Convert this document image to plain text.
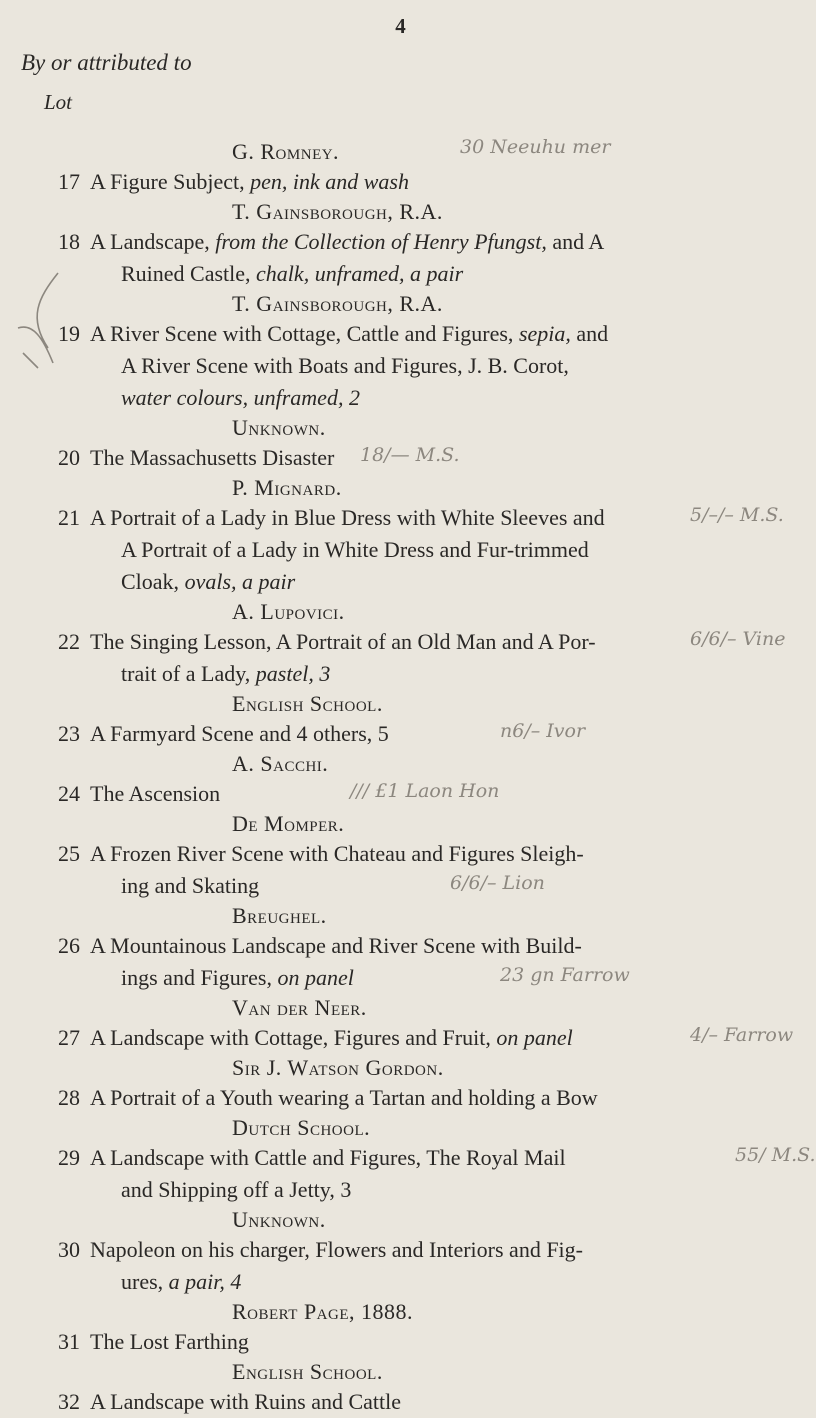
4
By or attributed to
Lot
G. Romney.
17 A Figure Subject, pen, ink and wash
30 Neeuhu mer
T. Gainsborough, R.A.
18 A Landscape, from the Collection of Henry Pfungst, and A
Ruined Castle, chalk, unframed, a pair
T. Gainsborough, R.A.
19 A River Scene with Cottage, Cattle and Figures, sepia, and
A River Scene with Boats and Figures, J. B. Corot,
water colours, unframed, 2
Unknown.
20 The Massachusetts Disaster 18/— M.S.
P. Mignard.
21 A Portrait of a Lady in Blue Dress with White Sleeves and
A Portrait of a Lady in White Dress and Fur-trimmed
Cloak, ovals, a pair
5/–/– M.S.
A. Lupovici.
22 The Singing Lesson, A Portrait of an Old Man and A Por-
trait of a Lady, pastel, 3
6/6/– Vine
English School.
23 A Farmyard Scene and 4 others, 5	n6/– Ivor
A. Sacchi.
24 The Ascension	/// £1 Laon Hon
De Momper.
25 A Frozen River Scene with Chateau and Figures Sleigh-
ing and Skating	6/6/– Lion
Breughel.
26 A Mountainous Landscape and River Scene with Build-
ings and Figures, on panel	23 gn Farrow
Van der Neer.
27 A Landscape with Cottage, Figures and Fruit, on panel	4/– Farrow
Sir J. Watson Gordon.
28 A Portrait of a Youth wearing a Tartan and holding a Bow
Dutch School.
29 A Landscape with Cattle and Figures, The Royal Mail
and Shipping off a Jetty, 3
55/ M.S.
Unknown.
30 Napoleon on his charger, Flowers and Interiors and Fig-
ures, a pair, 4
Robert Page, 1888.
31 The Lost Farthing
English School.
32 A Landscape with Ruins and Cattle
